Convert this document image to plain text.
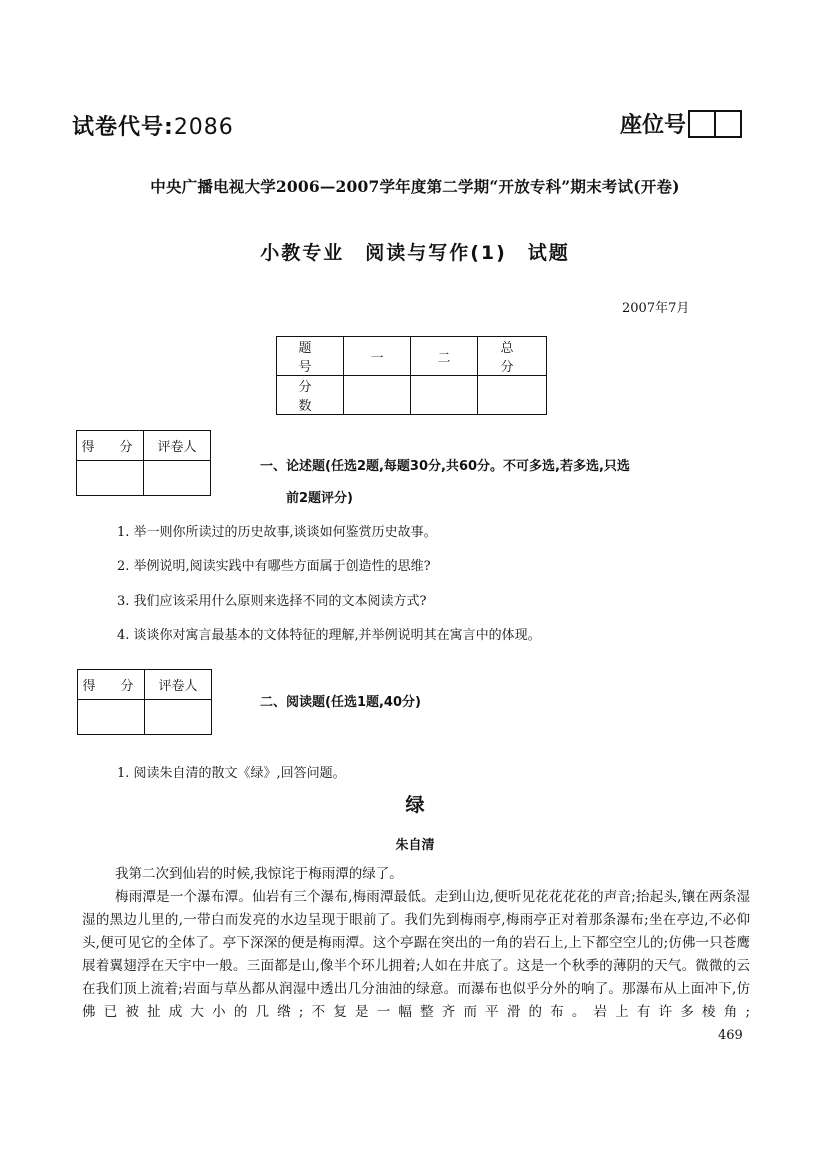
试卷代号:2086	座位号
中央广播电视大学2006—2007学年度第二学期“开放专科”期末考试(开卷)
小教专业　阅读与写作(1)　试题
2007年7月
题　号	一	二	总　分
分　数			
得　分	评卷人

一、论述题(任选2题,每题30分,共60分。不可多选,若多选,只选
前2题评分)
1. 举一则你所读过的历史故事,谈谈如何鉴赏历史故事。
2. 举例说明,阅读实践中有哪些方面属于创造性的思维?
3. 我们应该采用什么原则来选择不同的文本阅读方式?
4. 谈谈你对寓言最基本的文体特征的理解,并举例说明其在寓言中的体现。
得　分	评卷人

二、阅读题(任选1题,40分)
1. 阅读朱自清的散文《绿》,回答问题。
绿
朱自清
我第二次到仙岩的时候,我惊诧于梅雨潭的绿了。
梅雨潭是一个瀑布潭。仙岩有三个瀑布,梅雨潭最低。走到山边,便听见花花花花的声音;抬起头,镶在两条湿湿的黑边儿里的,一带白而发亮的水边呈现于眼前了。我们先到梅雨亭,梅雨亭正对着那条瀑布;坐在亭边,不必仰头,便可见它的全体了。亭下深深的便是梅雨潭。这个亭踞在突出的一角的岩石上,上下都空空儿的;仿佛一只苍鹰展着翼翅浮在天宇中一般。三面都是山,像半个环儿拥着;人如在井底了。这是一个秋季的薄阴的天气。微微的云在我们顶上流着;岩面与草丛都从润湿中透出几分油油的绿意。而瀑布也似乎分外的响了。那瀑布从上面冲下,仿佛已被扯成大小的几绺;不复是一幅整齐而平滑的布。岩上有许多棱角;
469
